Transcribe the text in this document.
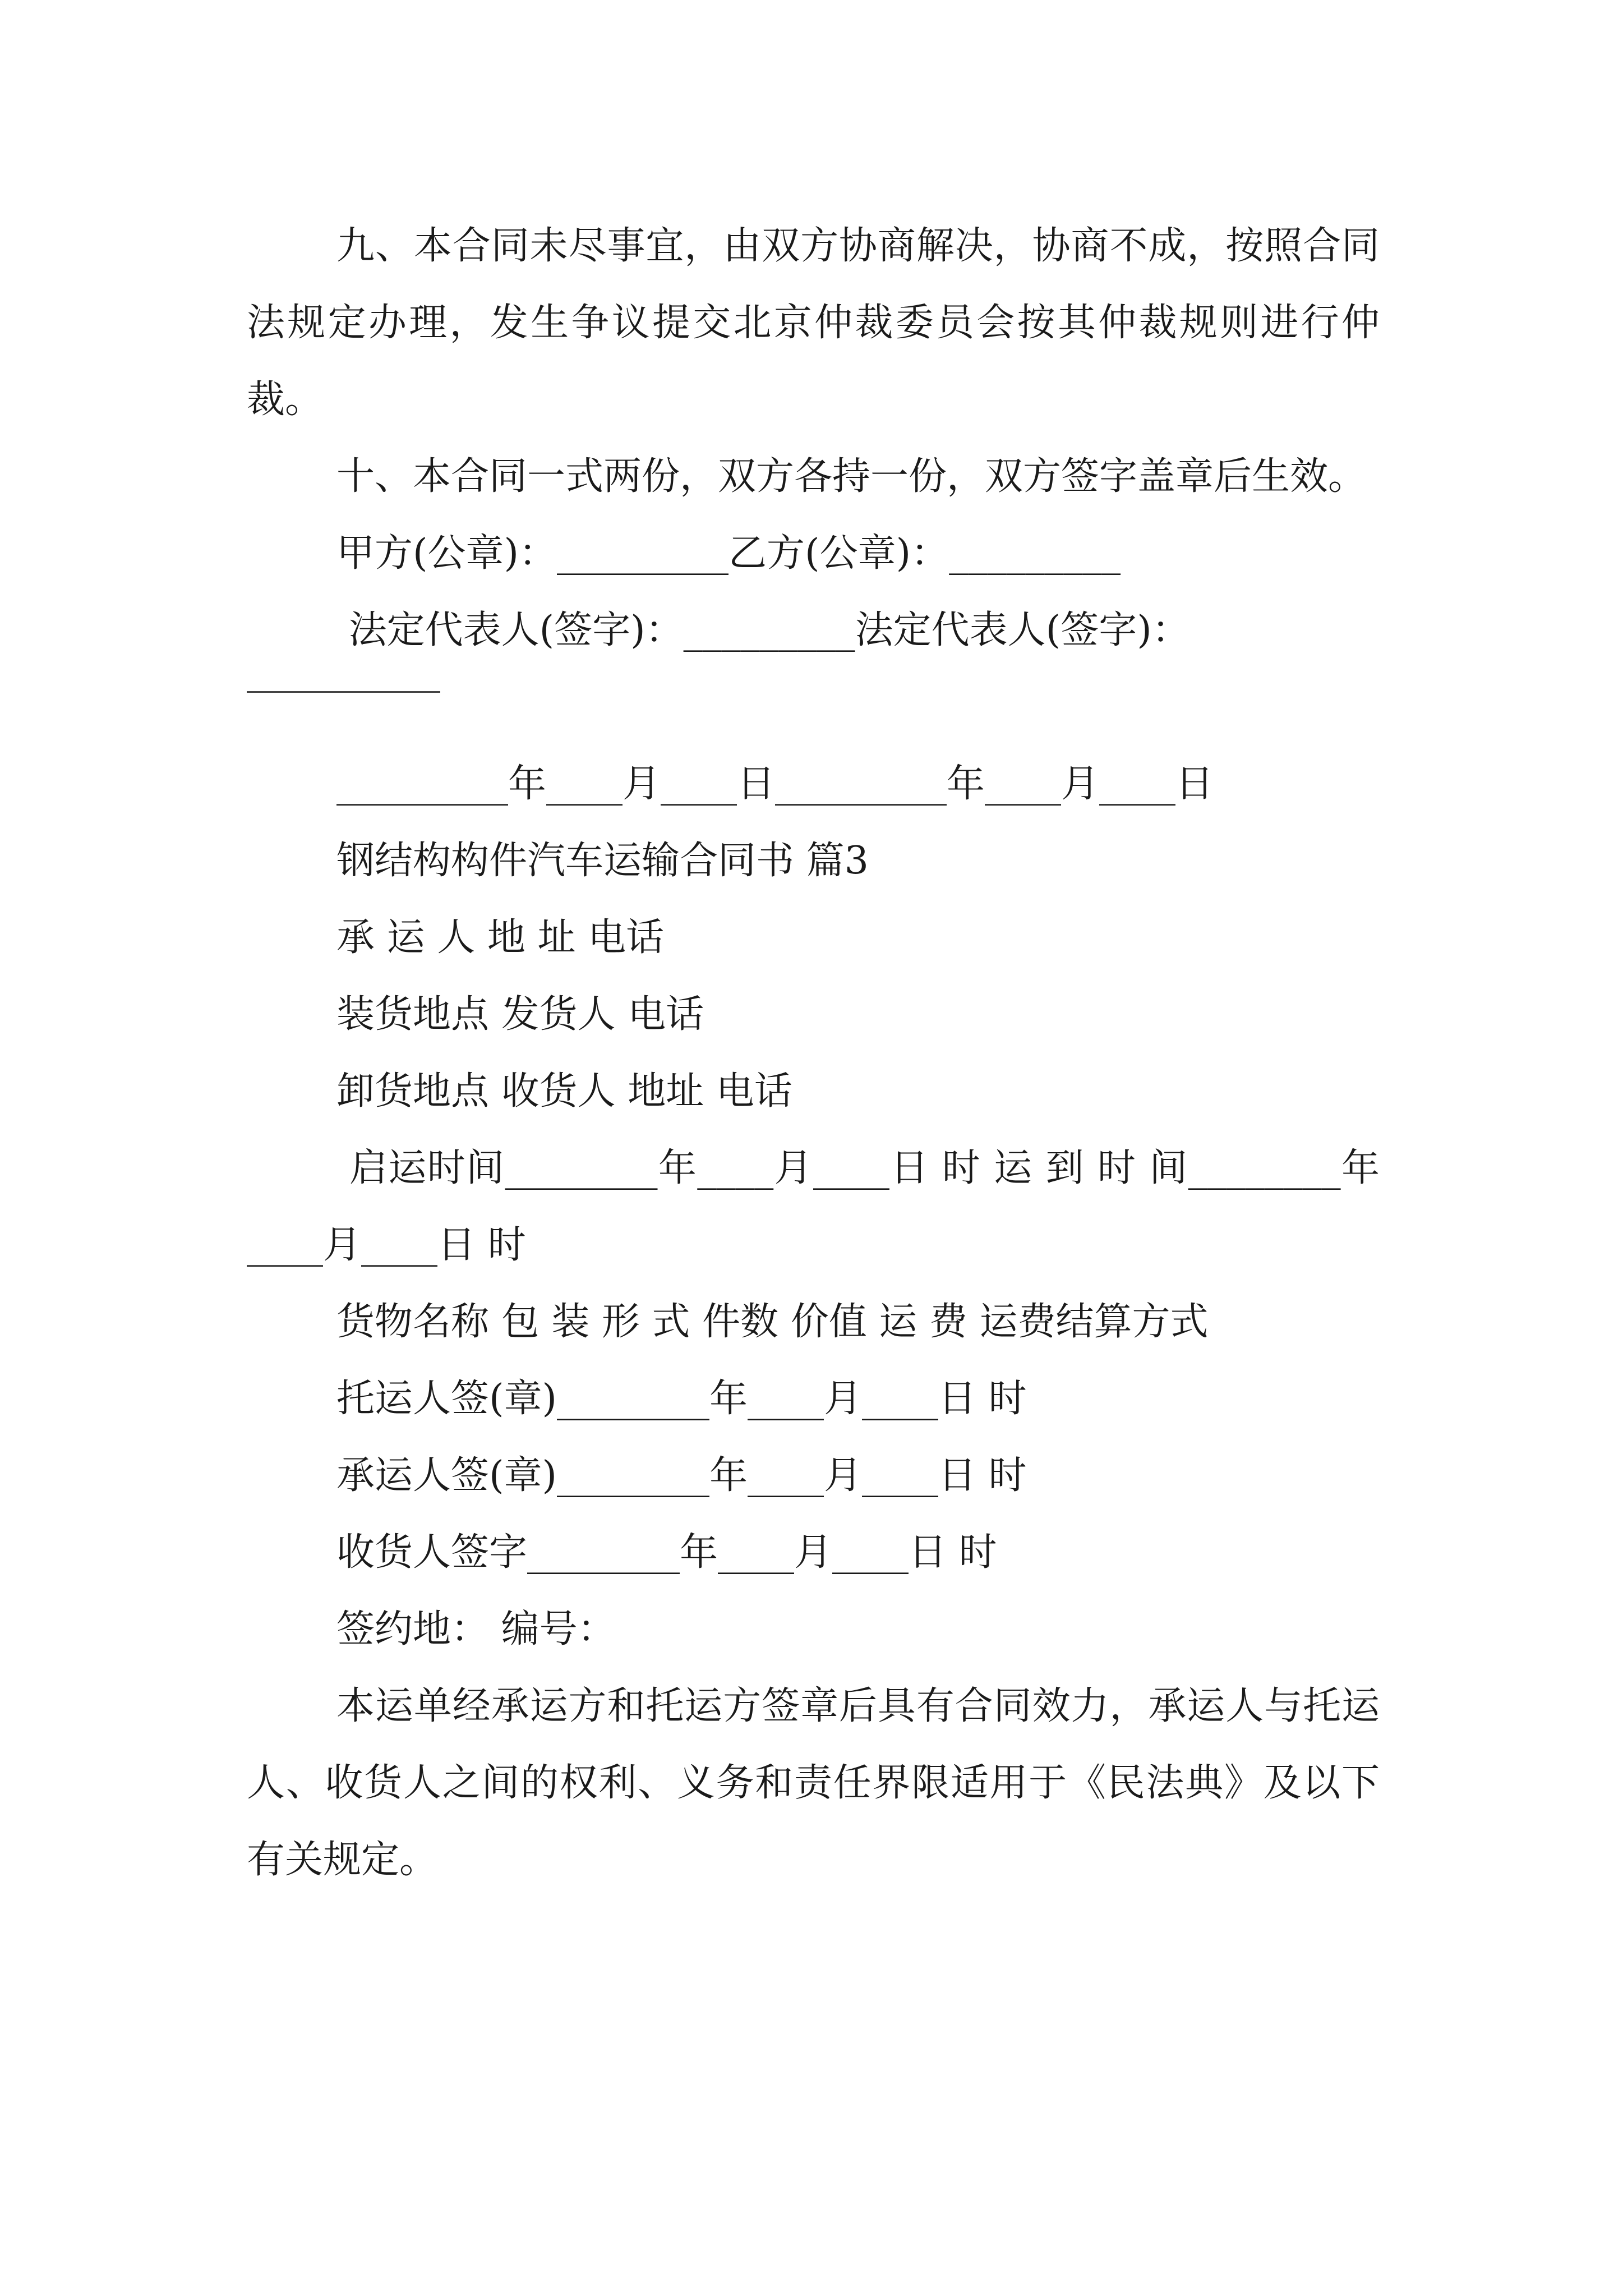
九、本合同未尽事宜，由双方协商解决，协商不成，按照合同法规定办理，发生争议提交北京仲裁委员会按其仲裁规则进行仲裁。

十、本合同一式两份，双方各持一份，双方签字盖章后生效。

甲方(公章)：_________乙方(公章)：_________

法定代表人(签字)：_________法定代表人(签字)：

_________年____月____日_________年____月____日

钢结构构件汽车运输合同书 篇3

承 运 人 地 址 电话

装货地点 发货人 电话

卸货地点 收货人 地址 电话

启运时间________年____月____日 时 运 到 时 间________年____月____日 时

货物名称 包 装 形 式 件数 价值 运 费 运费结算方式

托运人签(章)________年____月____日 时

承运人签(章)________年____月____日 时

收货人签字________年____月____日 时

签约地： 编号：

本运单经承运方和托运方签章后具有合同效力，承运人与托运人、收货人之间的权利、义务和责任界限适用于《民法典》及以下有关规定。
